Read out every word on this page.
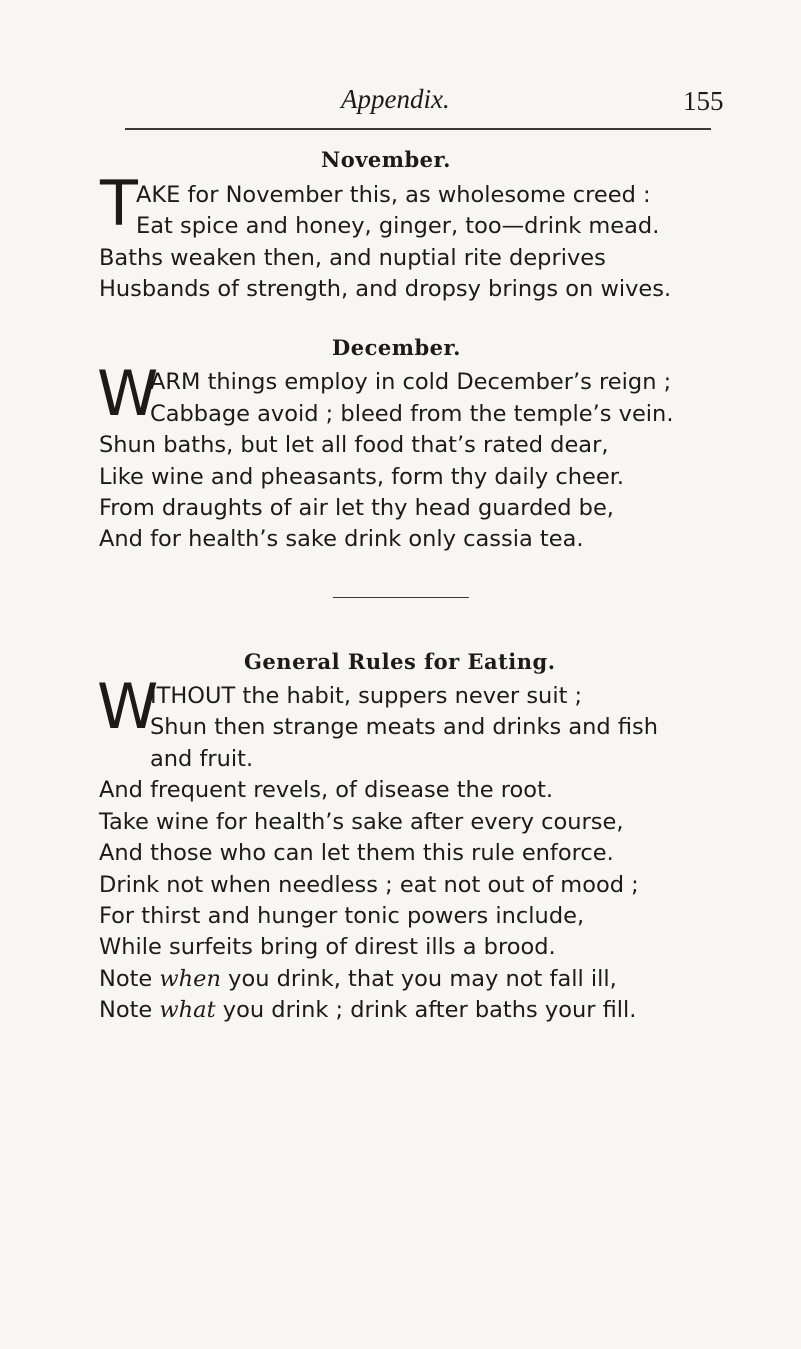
Appendix.	155
November.
T
AKE for November this, as wholesome creed :
Eat spice and honey, ginger, too—drink mead.
Baths weaken then, and nuptial rite deprives
Husbands of strength, and dropsy brings on wives.
December.
W
ARM things employ in cold December’s reign ;
Cabbage avoid ; bleed from the temple’s vein.
Shun baths, but let all food that’s rated dear,
Like wine and pheasants, form thy daily cheer.
From draughts of air let thy head guarded be,
And for health’s sake drink only cassia tea.
General Rules for Eating.
W
ITHOUT the habit, suppers never suit ;
Shun then strange meats and drinks and fish
and fruit.
And frequent revels, of disease the root.
Take wine for health’s sake after every course,
And those who can let them this rule enforce.
Drink not when needless ; eat not out of mood ;
For thirst and hunger tonic powers include,
While surfeits bring of direst ills a brood.
Note when you drink, that you may not fall ill,
Note what you drink ; drink after baths your fill.
